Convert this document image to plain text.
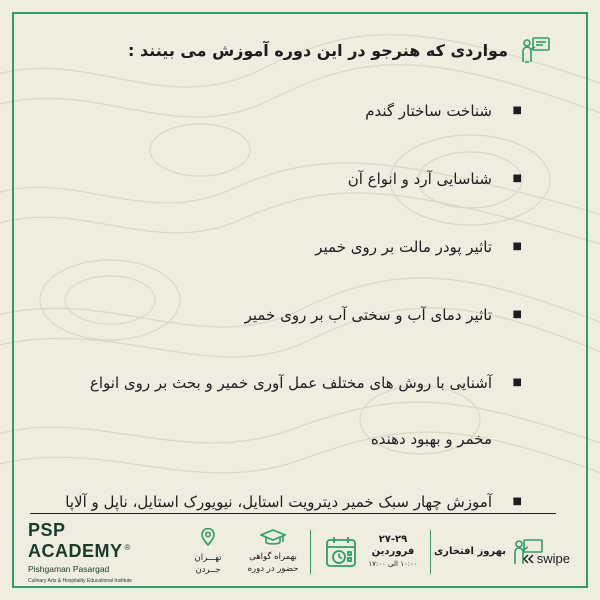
مواردی که هنرجو در این دوره آموزش می بینند :
■
شناخت ساختار گندم
■
شناسایی آرد و انواع آن
■
تاثیر پودر مالت بر روی خمیر
■
تاثیر دمای آب و سختی آب بر روی خمیر
■
آشنایی با روش های مختلف عمل آوری خمیر و بحث بر روی انواع مخمر و بهبود دهنده
■
آموزش چهار سبک خمیر دیترویت استایل، نیویورک استایل، ناپل و آلاپا
PSP ACADEMY ®
Pishgaman Pasargad
Culinary Arts & Hospitality Educational Institute
تهـــران
جــردن
بهمراه گواهی
حضور در دوره
۲۷-۲۹
فروردین
۱۰:۰۰ الی ۱۷:۰۰
بهروز افتخاری swipe
